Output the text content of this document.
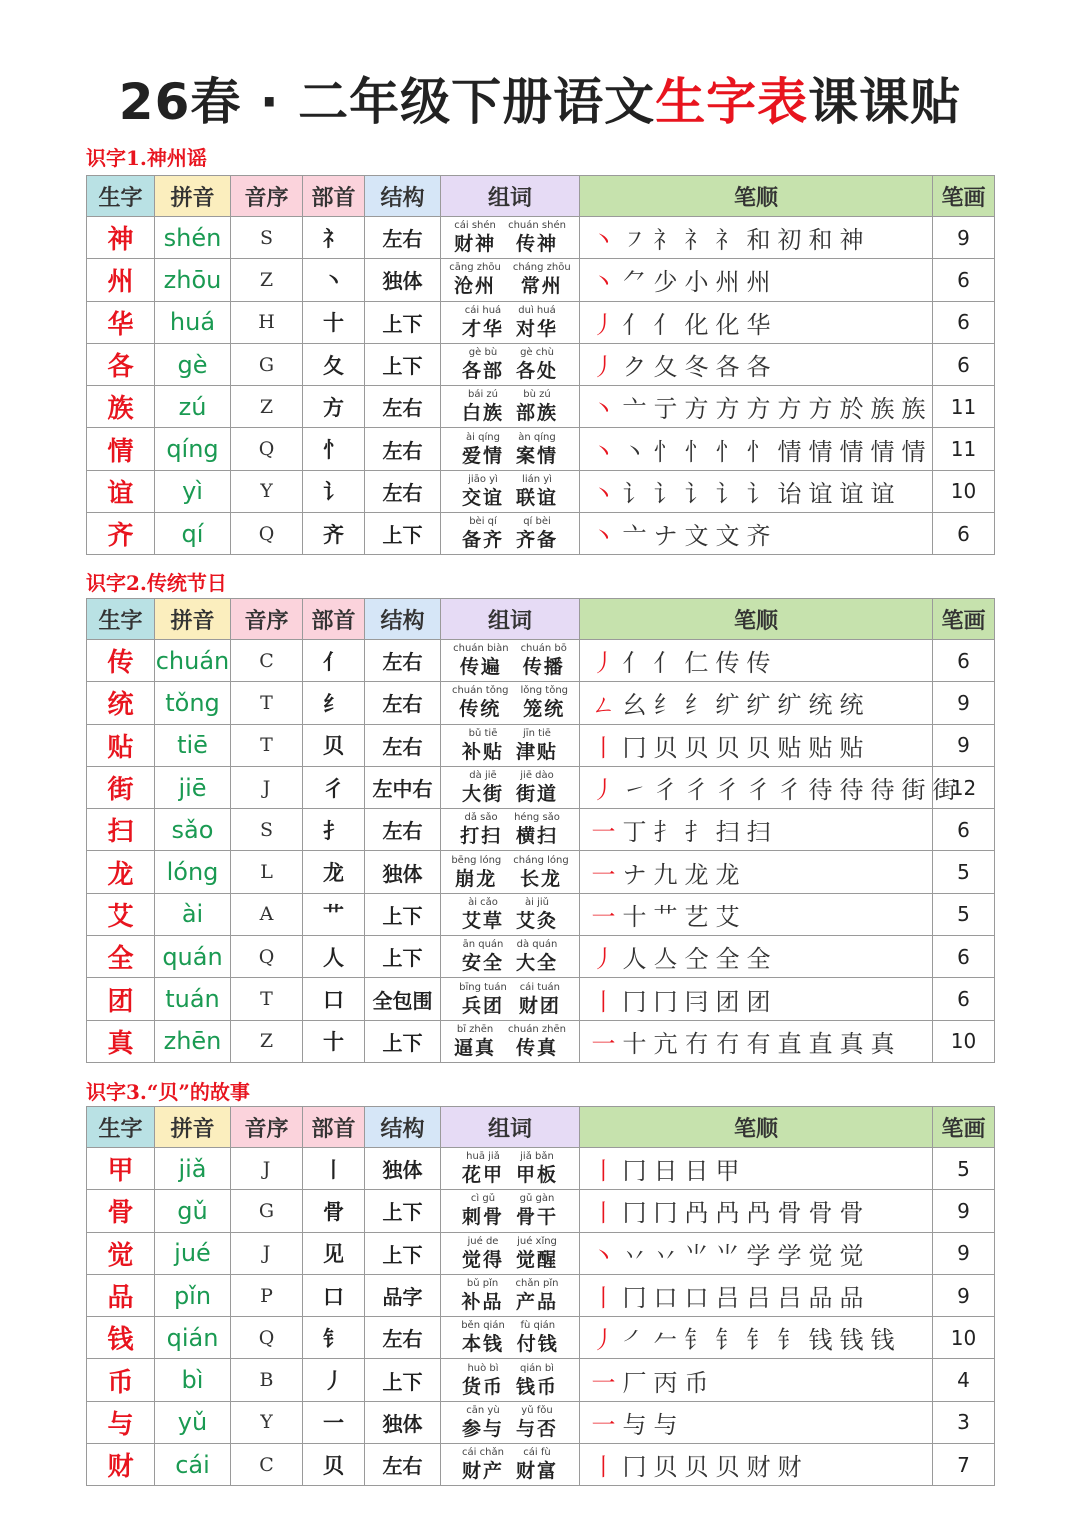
26春 · 二年级下册语文生字表课课贴
识字1.神州谣
生字	拼音	音序	部首	结构	组词	笔顺	笔画
神	shén	S	礻	左右	cái shén
财神
chuán shén
传神	丶 ㇇ 礻 礻 礻 和 初 和 神	9
州	zhōu	Z	丶	独体	cāng zhōu
沧州
cháng zhōu
常州	丶 ⺈ 少 小 州 州	6
华	huá	H	十	上下	cái huá
才华
duì huá
对华	丿 亻 亻 化 化 华	6
各	gè	G	夂	上下	gè bù
各部
gè chù
各处	丿 ク 夂 冬 各 各	6
族	zú	Z	方	左右	bái zú
白族
bù zú
部族	丶 亠 亍 方 方 方 方 方 於 族 族	11
情	qíng	Q	忄	左右	ài qíng
爱情
àn qíng
案情	丶 丶 忄 忄 忄 忄 情 情 情 情 情	11
谊	yì	Y	讠	左右	jiāo yì
交谊
lián yì
联谊	丶 讠 讠 讠 讠 讠 诒 谊 谊 谊	10
齐	qí	Q	齐	上下	bèi qí
备齐
qí bèi
齐备	丶 亠 ナ 文 文 齐	6
识字2.传统节日
生字	拼音	音序	部首	结构	组词	笔顺	笔画
传	chuán	C	亻	左右	chuán biàn
传遍
chuán bō
传播	丿 亻 亻 仁 传 传	6
统	tǒng	T	纟	左右	chuán tǒng
传统
lǒng tǒng
笼统	ㄥ 幺 纟 纟 纩 纩 纩 统 统	9
贴	tiē	T	贝	左右	bǔ tiē
补贴
jīn tiē
津贴	丨 冂 贝 贝 贝 贝 贴 贴 贴	9
街	jiē	J	彳	左中右	dà jiē
大街
jiē dào
街道	丿 ㇀ 彳 彳 彳 彳 彳 待 待 待 街 街	12
扫	sǎo	S	扌	左右	dǎ sǎo
打扫
héng sǎo
横扫	一 丁 扌 扌 扫 扫	6
龙	lóng	L	龙	独体	bēng lóng
崩龙
cháng lóng
长龙	一 ナ 九 龙 龙	5
艾	ài	A	艹	上下	ài cǎo
艾草
ài jiǔ
艾灸	一 十 艹 艺 艾	5
全	quán	Q	人	上下	ān quán
安全
dà quán
大全	丿 人 亼 仝 全 全	6
团	tuán	T	口	全包围	bīng tuán
兵团
cái tuán
财团	丨 冂 冂 冃 团 团	6
真	zhēn	Z	十	上下	bī zhēn
逼真
chuán zhēn
传真	一 十 亢 冇 冇 有 直 直 真 真	10
识字3.“贝”的故事
生字	拼音	音序	部首	结构	组词	笔顺	笔画
甲	jiǎ	J	丨	独体	huā jiǎ
花甲
jiǎ bǎn
甲板	丨 冂 日 日 甲	5
骨	gǔ	G	骨	上下	cì gǔ
刺骨
gǔ gàn
骨干	丨 冂 冂 冎 冎 冎 骨 骨 骨	9
觉	jué	J	见	上下	jué de
觉得
jué xǐng
觉醒	丶 丷 丷 ⺌ ⺌ 学 学 觉 觉	9
品	pǐn	P	口	品字	bǔ pǐn
补品
chǎn pǐn
产品	丨 冂 口 口 吕 吕 吕 品 品	9
钱	qián	Q	钅	左右	běn qián
本钱
fù qián
付钱	丿 ㇒ 𠂉 钅 钅 钅 钅 钱 钱 钱	10
币	bì	B	丿	上下	huò bì
货币
qián bì
钱币	一 厂 丙 币	4
与	yǔ	Y	一	独体	cān yù
参与
yǔ fǒu
与否	一 与 与	3
财	cái	C	贝	左右	cái chǎn
财产
cái fù
财富	丨 冂 贝 贝 贝 财 财	7
